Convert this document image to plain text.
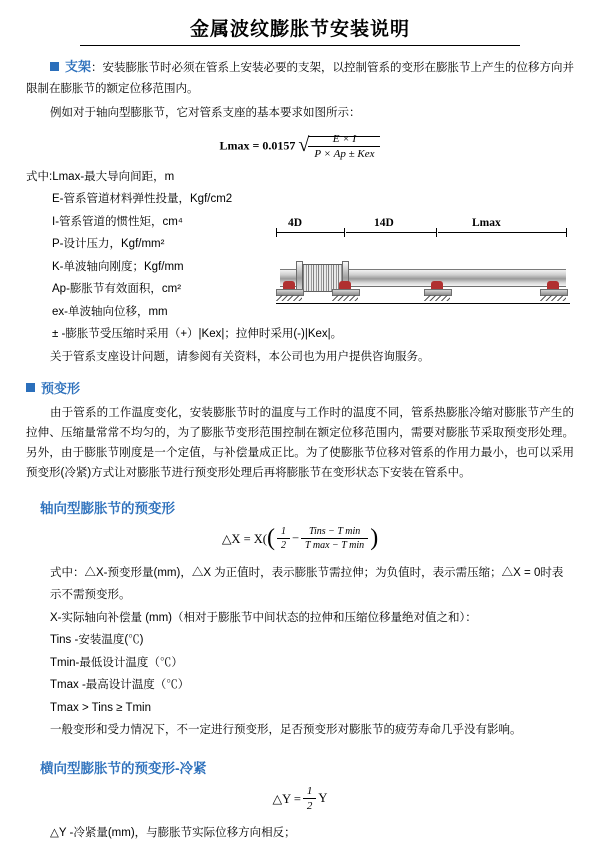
金属波纹膨胀节安装说明

支架：安装膨胀节时必须在管系上安装必要的支架，以控制管系的变形在膨胀节上产生的位移方向并限制在膨胀节的额定位移范围内。

例如对于轴向型膨胀节，它对管系支座的基本要求如图所示：

Lmax = 0.0157 √ $\frac{E \times I}{\text{P × Ap ± Kex}}$

式中:Lmax-最大导向间距，m

E-管系管道材料弹性投量，Kgf/cm2

I-管系管道的惯性矩，cm⁴

P-设计压力，Kgf/mm²

K-单波轴向刚度；Kgf/mm

Ap-膨胀节有效面积，cm²

ex-单波轴向位移，mm

± -膨胀节受压缩时采用（+）|Kex|；拉伸时采用(-)|Kex|。

4D	14D	Lmax

关于管系支座设计问题，请参阅有关资料，本公司也为用户提供咨询服务。

预变形

由于管系的工作温度变化，安装膨胀节时的温度与工作时的温度不同，管系热膨胀冷缩对膨胀节产生的拉伸、压缩量常常不均匀的，为了膨胀节变形范围控制在额定位移范围内，需要对膨胀节采取预变形处理。另外，由于膨胀节刚度是一个定值，与补偿量成正比。为了使膨胀节位移对管系的作用力最小，也可以采用预变形(冷紧)方式让对膨胀节进行预变形处理后再将膨胀节在变形状态下安装在管系中。

轴向型膨胀节的预变形
△X = $X(( \frac{1}{2} - \frac{\text{Tins − T min}}{\text{T max − T min}}$ )

式中：△X-预变形量(mm)，△X 为正值时，表示膨胀节需拉伸；为负值时，表示需压缩；△X = 0时表示不需预变形。

X-实际轴向补偿量 (mm)（相对于膨胀节中间状态的拉伸和压缩位移量绝对值之和）：

Tins -安装温度(℃)

Tmin-最低设计温度（℃）

Tmax -最高设计温度（℃）

Tmax > Tins ≥ Tmin

一般变形和受力情况下，不一定进行预变形，足否预变形对膨胀节的疲劳寿命几乎没有影响。

横向型膨胀节的预变形-冷紧
△Y = $\frac{1}{2}$ Y

△Y -冷紧量(mm)，与膨胀节实际位移方向相反；
